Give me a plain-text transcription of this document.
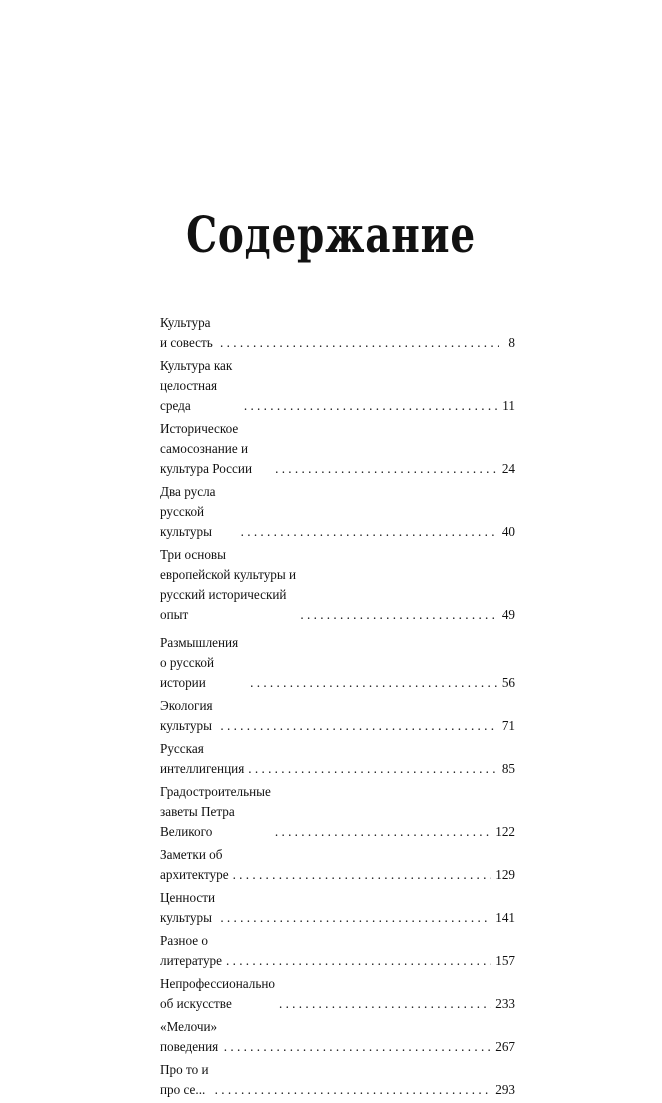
Содержание
Культура и совесть . . .	8
Культура как целостная среда . . .	11
Историческое самосознание и культура России . . .	24
Два русла русской культуры . . .	40
Три основы европейской культуры и русский исторический опыт . . .	49
Размышления о русской истории . . .	56
Экология культуры . . .	71
Русская интеллигенция . . .	85
Градостроительные заветы Петра Великого . . .	122
Заметки об архитектуре . . .	129
Ценности культуры . . .	141
Разное о литературе . . .	157
Непрофессионально об искусстве . . .	233
«Мелочи» поведения . . .	267
Про то и про се... . . .	293
